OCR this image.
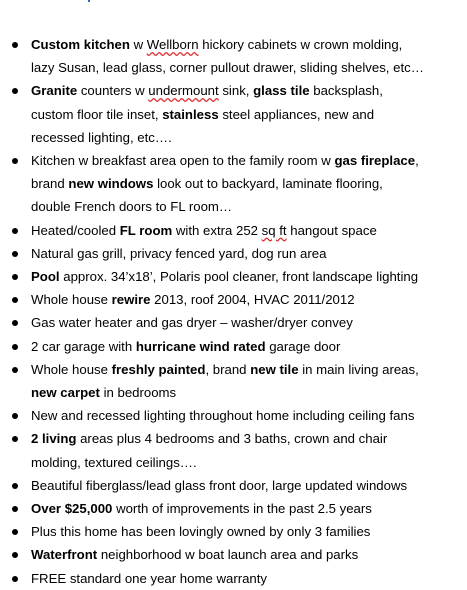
Custom kitchen w Wellborn hickory cabinets w crown molding,
lazy Susan, lead glass, corner pullout drawer, sliding shelves, etc…
Granite counters w undermount sink, glass tile backsplash,
custom floor tile inset, stainless steel appliances, new and
recessed lighting, etc….
Kitchen w breakfast area open to the family room w gas fireplace,
brand new windows look out to backyard, laminate flooring,
double French doors to FL room…
Heated/cooled FL room with extra 252 sq ft hangout space
Natural gas grill, privacy fenced yard, dog run area
Pool approx. 34’x18’, Polaris pool cleaner, front landscape lighting
Whole house rewire 2013, roof 2004, HVAC 2011/2012
Gas water heater and gas dryer – washer/dryer convey
2 car garage with hurricane wind rated garage door
Whole house freshly painted, brand new tile in main living areas,
new carpet in bedrooms
New and recessed lighting throughout home including ceiling fans
2 living areas plus 4 bedrooms and 3 baths, crown and chair
molding, textured ceilings….
Beautiful fiberglass/lead glass front door, large updated windows
Over $25,000 worth of improvements in the past 2.5 years
Plus this home has been lovingly owned by only 3 families
Waterfront neighborhood w boat launch area and parks
FREE standard one year home warranty
